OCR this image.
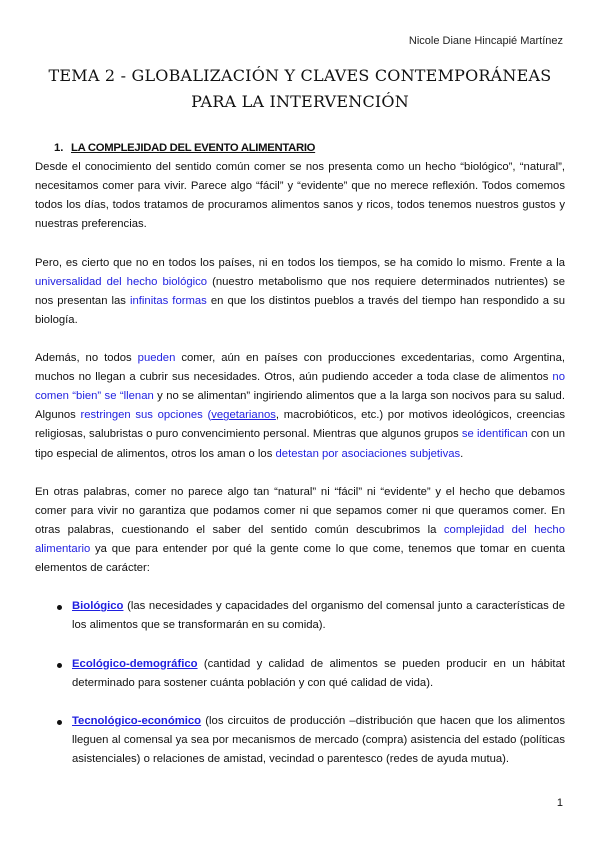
Nicole Diane Hincapié Martínez
TEMA 2 - GLOBALIZACIÓN Y CLAVES CONTEMPORÁNEAS
PARA LA INTERVENCIÓN
1. LA COMPLEJIDAD DEL EVENTO ALIMENTARIO

Desde el conocimiento del sentido común comer se nos presenta como un hecho “biológico”, “natural”, necesitamos comer para vivir. Parece algo “fácil” y “evidente” que no merece reflexión. Todos comemos todos los días, todos tratamos de procuramos alimentos sanos y ricos, todos tenemos nuestros gustos y nuestras preferencias.

Pero, es cierto que no en todos los países, ni en todos los tiempos, se ha comido lo mismo. Frente a la universalidad del hecho biológico (nuestro metabolismo que nos requiere determinados nutrientes) se nos presentan las infinitas formas en que los distintos pueblos a través del tiempo han respondido a su biología.

Además, no todos pueden comer, aún en países con producciones excedentarias, como Argentina, muchos no llegan a cubrir sus necesidades. Otros, aún pudiendo acceder a toda clase de alimentos no comen “bien” se “llenan y no se alimentan” ingiriendo alimentos que a la larga son nocivos para su salud. Algunos restringen sus opciones (vegetarianos, macrobióticos, etc.) por motivos ideológicos, creencias religiosas, salubristas o puro convencimiento personal. Mientras que algunos grupos se identifican con un tipo especial de alimentos, otros los aman o los detestan por asociaciones subjetivas.

En otras palabras, comer no parece algo tan “natural” ni “fácil” ni “evidente” y el hecho que debamos comer para vivir no garantiza que podamos comer ni que sepamos comer ni que queramos comer. En otras palabras, cuestionando el saber del sentido común descubrimos la complejidad del hecho alimentario ya que para entender por qué la gente come lo que come, tenemos que tomar en cuenta elementos de carácter:

Biológico (las necesidades y capacidades del organismo del comensal junto a características de los alimentos que se transformarán en su comida).
Ecológico-demográfico (cantidad y calidad de alimentos se pueden producir en un hábitat determinado para sostener cuánta población y con qué calidad de vida).
Tecnológico-económico (los circuitos de producción –distribución que hacen que los alimentos lleguen al comensal ya sea por mecanismos de mercado (compra) asistencia del estado (políticas asistenciales) o relaciones de amistad, vecindad o parentesco (redes de ayuda mutua).
1
